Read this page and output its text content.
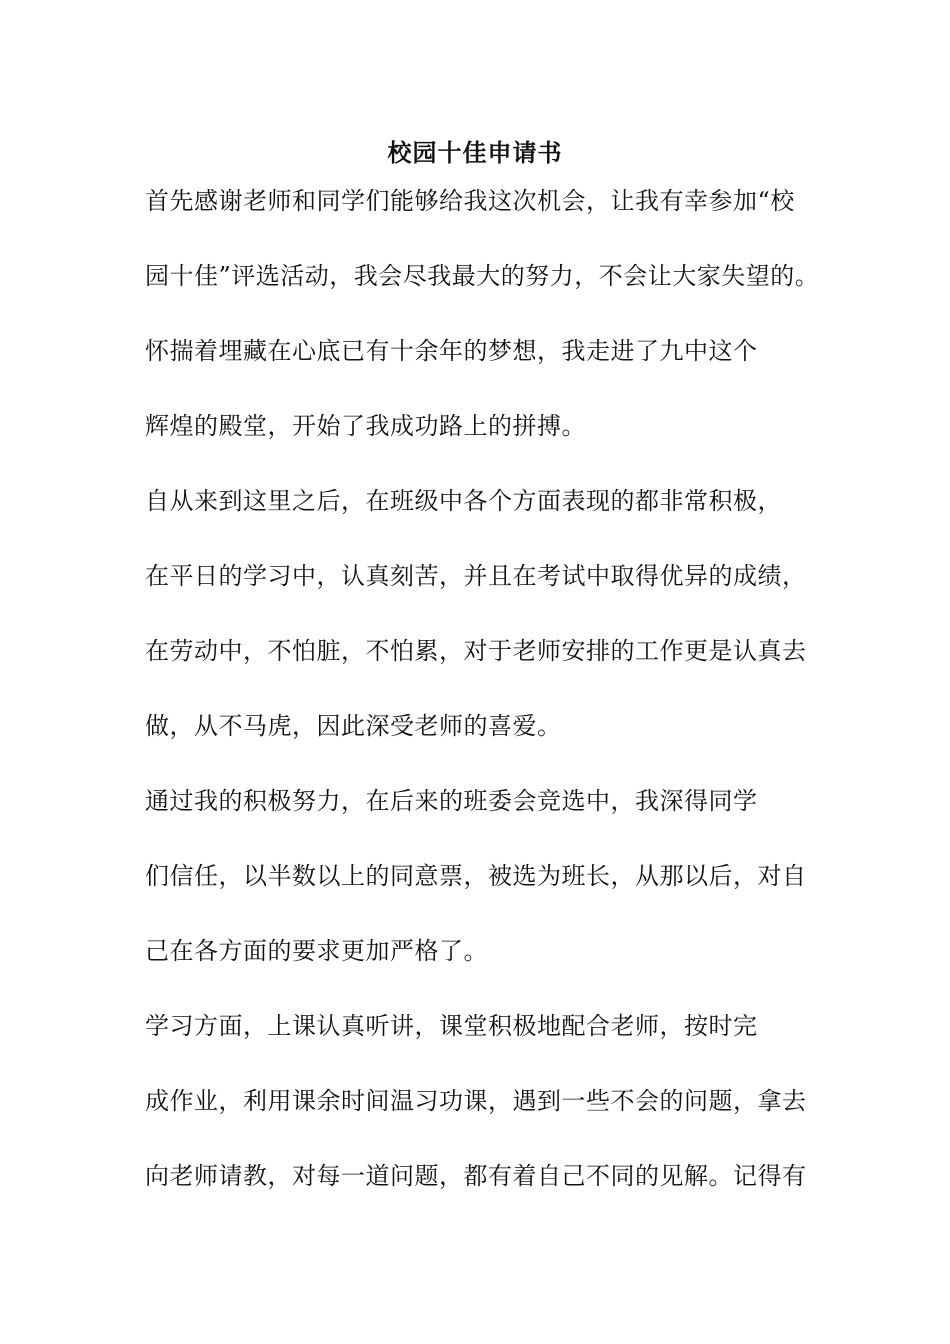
校园十佳申请书

首先感谢老师和同学们能够给我这次机会，让我有幸参加“校

园十佳”评选活动，我会尽我最大的努力，不会让大家失望的。

怀揣着埋藏在心底已有十余年的梦想，我走进了九中这个

辉煌的殿堂，开始了我成功路上的拼搏。

自从来到这里之后，在班级中各个方面表现的都非常积极，

在平日的学习中，认真刻苦，并且在考试中取得优异的成绩，

在劳动中，不怕脏，不怕累，对于老师安排的工作更是认真去

做，从不马虎，因此深受老师的喜爱。

通过我的积极努力，在后来的班委会竞选中，我深得同学

们信任，以半数以上的同意票，被选为班长，从那以后，对自

己在各方面的要求更加严格了。

学习方面，上课认真听讲，课堂积极地配合老师，按时完

成作业，利用课余时间温习功课，遇到一些不会的问题，拿去

向老师请教，对每一道问题，都有着自己不同的见解。记得有
